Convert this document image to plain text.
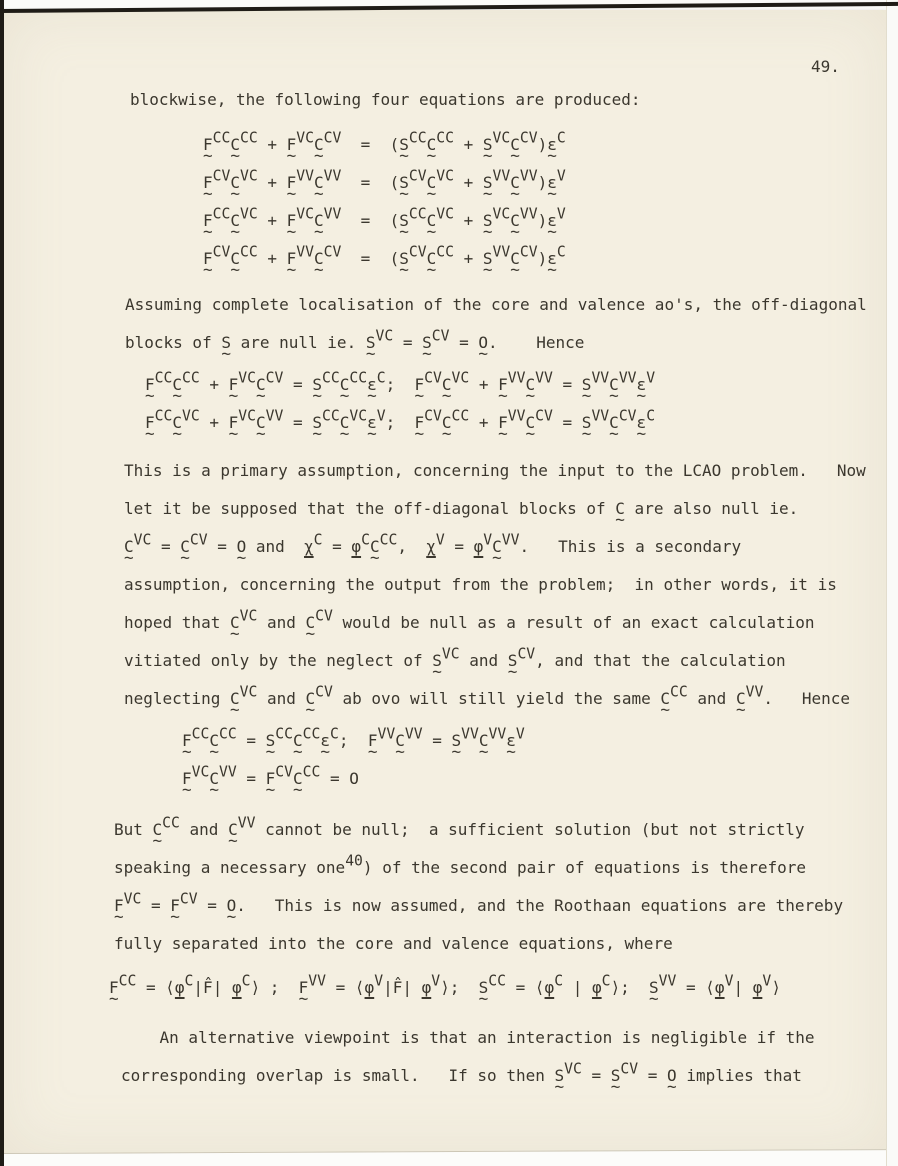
49.
blockwise, the following four equations are produced:
F ~$^{CC}$C ~$^{CC}$ + F ~$^{VC}$C ~$^{CV}$  =  (S ~$^{CC}$C ~$^{CC}$ + S ~$^{VC}$C ~$^{CV}$)ε ~$^C$
F ~$^{CV}$C ~$^{VC}$ + F ~$^{VV}$C ~$^{VV}$  =  (S ~$^{CV}$C ~$^{VC}$ + S ~$^{VV}$C ~$^{VV}$)ε ~$^V$
F ~$^{CC}$C ~$^{VC}$ + F ~$^{VC}$C ~$^{VV}$  =  (S ~$^{CC}$C ~$^{VC}$ + S ~$^{VC}$C ~$^{VV}$)ε ~$^V$
F ~$^{CV}$C ~$^{CC}$ + F ~$^{VV}$C ~$^{CV}$  =  (S ~$^{CV}$C ~$^{CC}$ + S ~$^{VV}$C ~$^{CV}$)ε ~$^C$
Assuming complete localisation of the core and valence ao's, the off-diagonal
blocks of S ~ are null ie. S ~$^{VC}$ = S ~$^{CV}$ = O ~.    Hence
F ~$^{CC}$C ~$^{CC}$ + F ~$^{VC}$C ~$^{CV}$ = S ~$^{CC}$C ~$^{CC}$ε ~$^C$;  F ~$^{CV}$C ~$^{VC}$ + F ~$^{VV}$C ~$^{VV}$ = S ~$^{VV}$C ~$^{VV}$ε ~$^V$
F ~$^{CC}$C ~$^{VC}$ + F ~$^{VC}$C ~$^{VV}$ = S ~$^{CC}$C ~$^{VC}$ε ~$^V$;  F ~$^{CV}$C ~$^{CC}$ + F ~$^{VV}$C ~$^{CV}$ = S ~$^{VV}$C ~$^{CV}$ε ~$^C$
This is a primary assumption, concerning the input to the LCAO problem.   Now
let it be supposed that the off-diagonal blocks of C ~ are also null ie.
C ~$^{VC}$ = C ~$^{CV}$ = O ~ and  $\chi^C = \varphi^CC$ ~$^{CC}$,  $\chi^V = \varphi^VC$ ~$^{VV}$.   This is a secondary
assumption, concerning the output from the problem;  in other words, it is
hoped that C ~$^{VC}$ and C ~$^{CV}$ would be null as a result of an exact calculation
vitiated only by the neglect of S ~$^{VC}$ and S ~$^{CV}$, and that the calculation
neglecting C ~$^{VC}$ and C ~$^{CV}$ ab ovo will still yield the same C ~$^{CC}$ and C ~$^{VV}$.   Hence
F ~$^{CC}$C ~$^{CC}$ = S ~$^{CC}$C ~$^{CC}$ε ~$^C$;  F ~$^{VV}$C ~$^{VV}$ = S ~$^{VV}$C ~$^{VV}$ε ~$^V$
F ~$^{VC}$C ~$^{VV}$ = F ~$^{CV}$C ~$^{CC}$ = O
But C ~$^{CC}$ and C ~$^{VV}$ cannot be null;  a sufficient solution (but not strictly
speaking a necessary one$^{40}$) of the second pair of equations is therefore
F ~$^{VC}$ = F ~$^{CV}$ = O ~.   This is now assumed, and the Roothaan equations are thereby
fully separated into the core and valence equations, where
F ~$^{CC}$ = $⟨\varphi^C|F̂|$ $\varphi^C⟩$ ;  F ~$^{VV}$ = $⟨\varphi^V|F̂|$ $\varphi^V⟩$;  S ~$^{CC}$ = $⟨\varphi^C$ | $\varphi^C⟩$;  S ~$^{VV}$ = $⟨\varphi^V|$ $\varphi^V⟩$
An alternative viewpoint is that an interaction is negligible if the
corresponding overlap is small.   If so then S ~$^{VC}$ = S ~$^{CV}$ = O ~ implies that
